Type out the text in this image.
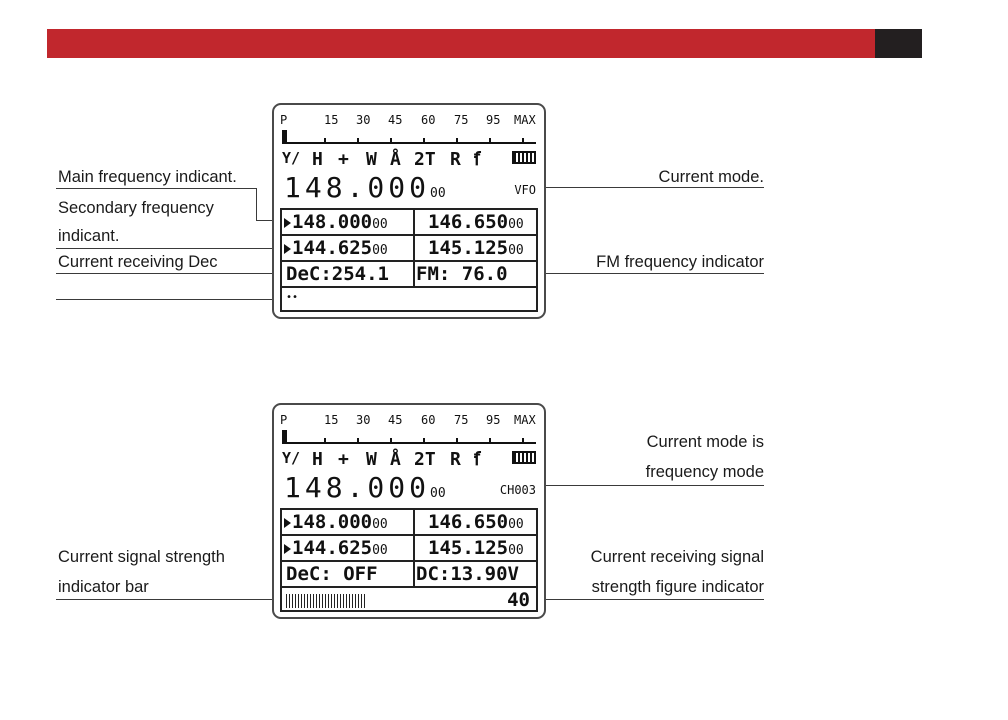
Main frequency indicant.
Secondary frequency
indicant.
Current receiving Dec
Current mode.
FM frequency indicator
P	15 30 45 60 75 95 MAX
Y/ H + W Å 2T R ẝ
148.00000	VFO
148.00000 146.65000
144.62500 145.12500
DeC:254.1 FM: 76.0
••
Current mode is
frequency mode
Current signal strength
indicator bar
Current receiving signal
strength figure indicator
P	15 30 45 60 75 95 MAX
Y/ H + W Å 2T R ẝ
148.00000	CH003
148.00000 146.65000
144.62500 145.12500
DeC: OFF DC:13.90V
40
